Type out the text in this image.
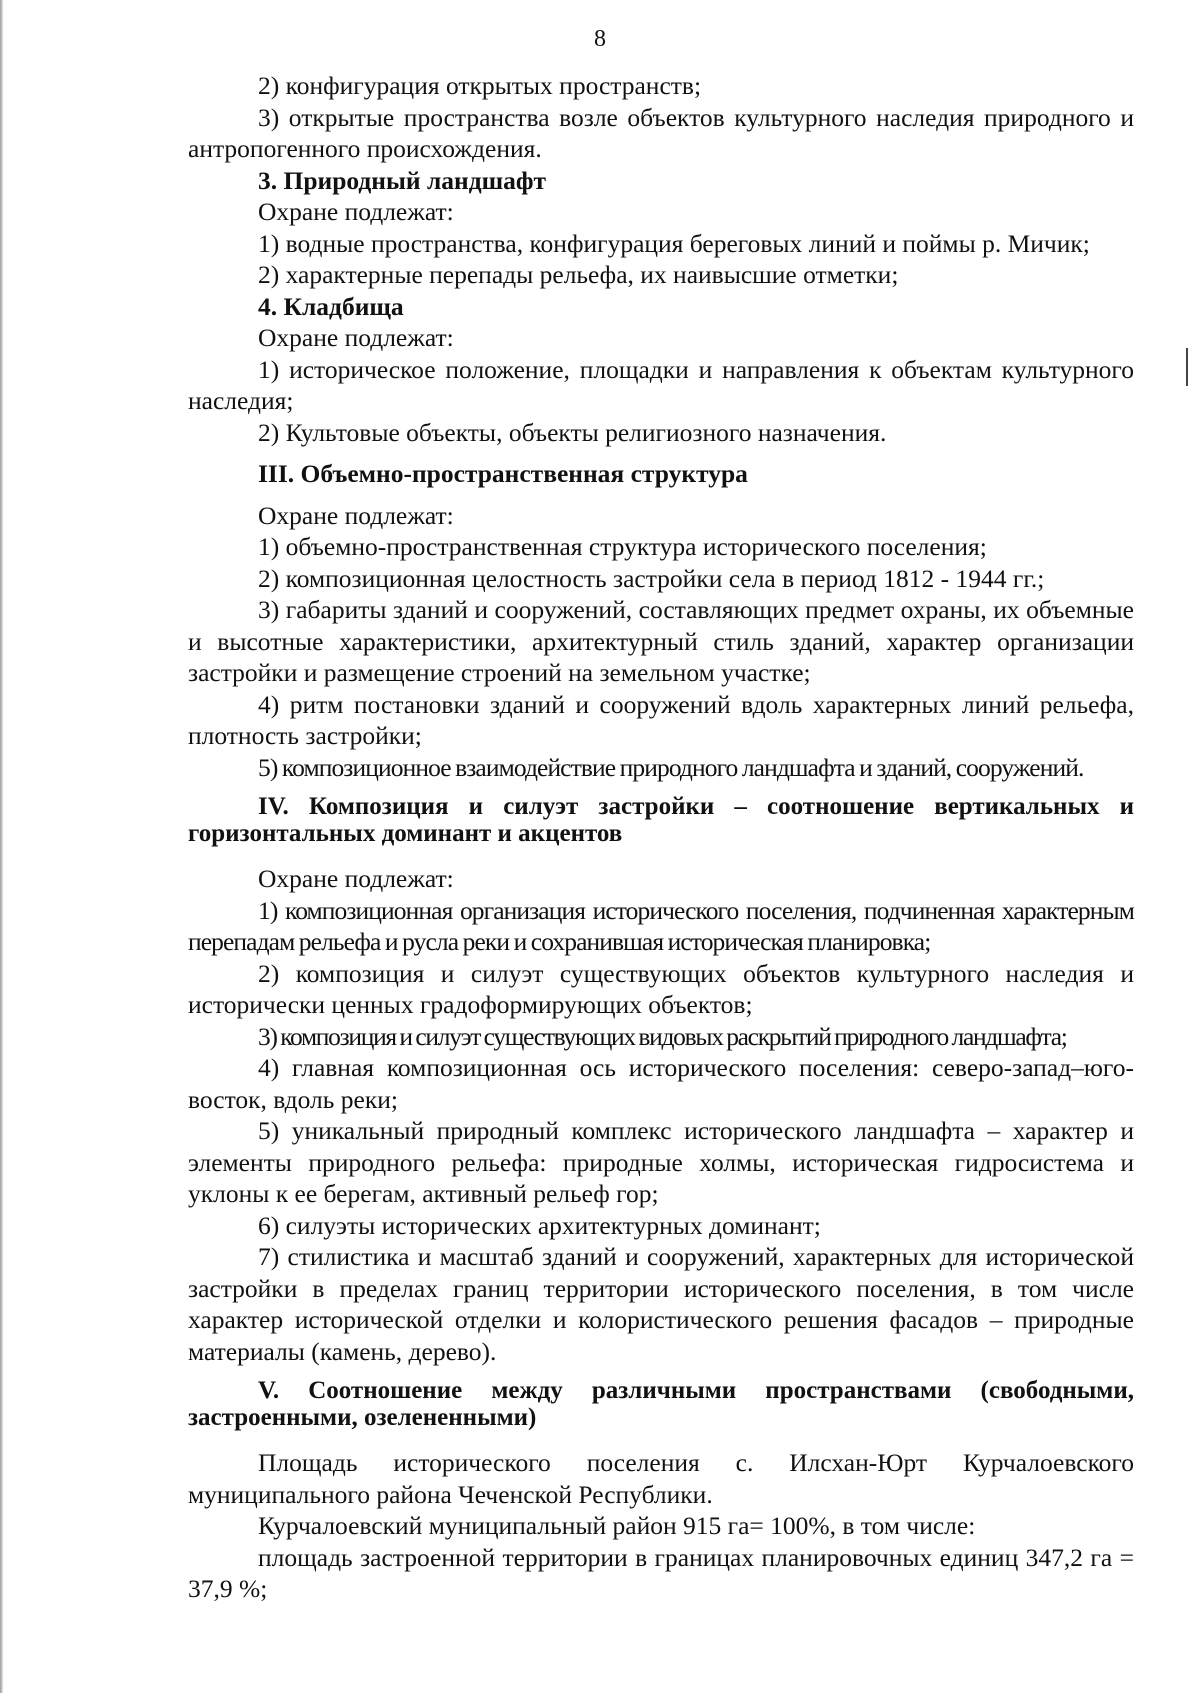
8

2) конфигурация открытых пространств;

3) открытые пространства возле объектов культурного наследия природного и антропогенного происхождения.

3. Природный ландшафт

Охране подлежат:

1) водные пространства, конфигурация береговых линий и поймы р. Мичик;

2) характерные перепады рельефа, их наивысшие отметки;

4. Кладбища

Охране подлежат:

1) историческое положение, площадки и направления к объектам культурного наследия;

2) Культовые объекты, объекты религиозного назначения.

III. Объемно-пространственная структура

Охране подлежат:

1) объемно-пространственная структура исторического поселения;

2) композиционная целостность застройки села в период 1812 - 1944 гг.;

3) габариты зданий и сооружений, составляющих предмет охраны, их объемные и высотные характеристики, архитектурный стиль зданий, характер организации застройки и размещение строений на земельном участке;

4) ритм постановки зданий и сооружений вдоль характерных линий рельефа, плотность застройки;

5) композиционное взаимодействие природного ландшафта и зданий, сооружений.

IV. Композиция и силуэт застройки – соотношение вертикальных и горизонтальных доминант и акцентов

Охране подлежат:

1) композиционная организация исторического поселения, подчиненная характерным перепадам рельефа и русла реки и сохранившая историческая планировка;

2) композиция и силуэт существующих объектов культурного наследия и исторически ценных градоформирующих объектов;

3) композиция и силуэт существующих видовых раскрытий природного ландшафта;

4) главная композиционная ось исторического поселения: северо-запад–юго-восток, вдоль реки;

5) уникальный природный комплекс исторического ландшафта – характер и элементы природного рельефа: природные холмы, историческая гидросистема и уклоны к ее берегам, активный рельеф гор;

6) силуэты исторических архитектурных доминант;

7) стилистика и масштаб зданий и сооружений, характерных для исторической застройки в пределах границ территории исторического поселения, в том числе характер исторической отделки и колористического решения фасадов – природные материалы (камень, дерево).

V. Соотношение между различными пространствами (свободными, застроенными, озелененными)

Площадь исторического поселения с. Илсхан-Юрт Курчалоевского муниципального района Чеченской Республики.

Курчалоевский муниципальный район 915 га= 100%, в том числе:

площадь застроенной территории в границах планировочных единиц 347,2 га = 37,9 %;
